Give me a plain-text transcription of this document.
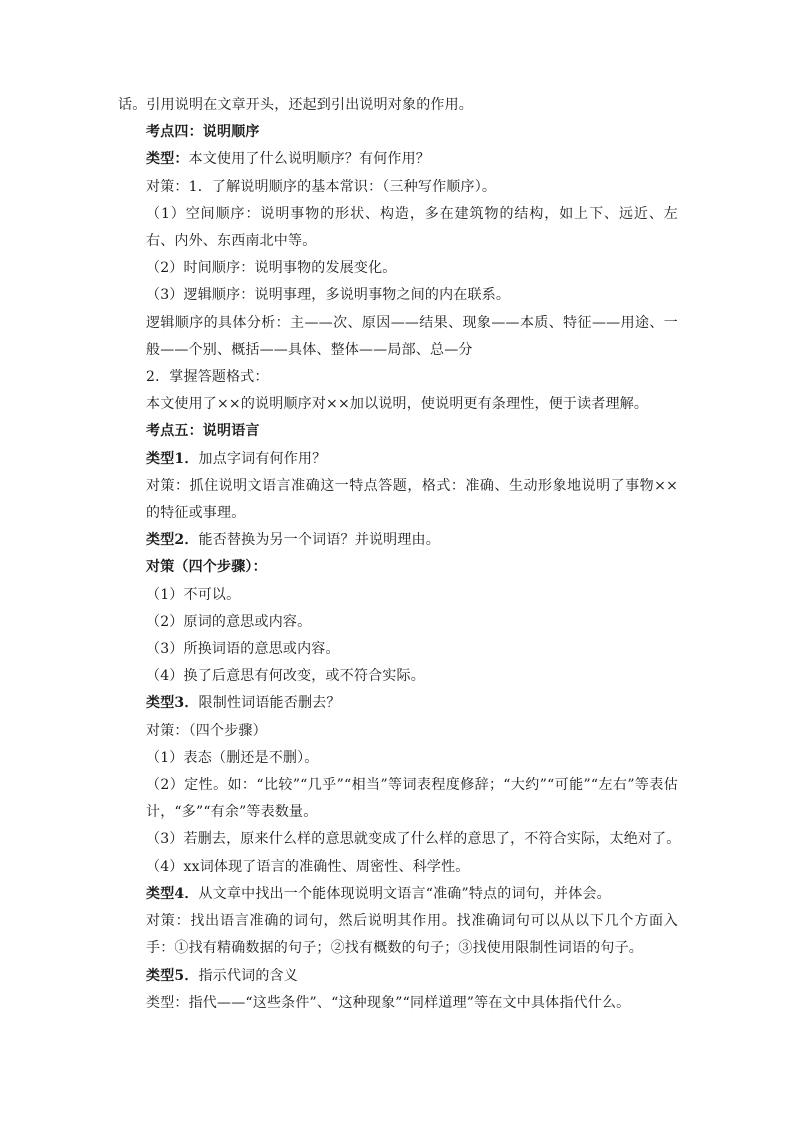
话。引用说明在文章开头，还起到引出说明对象的作用。
考点四：说明顺序
类型：本文使用了什么说明顺序？有何作用？
对策：1．了解说明顺序的基本常识：（三种写作顺序）。
（1）空间顺序：说明事物的形状、构造，多在建筑物的结构，如上下、远近、左右、内外、东西南北中等。
（2）时间顺序：说明事物的发展变化。
（3）逻辑顺序：说明事理，多说明事物之间的内在联系。
逻辑顺序的具体分析：主——次、原因——结果、现象——本质、特征——用途、一般——个别、概括——具体、整体——局部、总—分
2．掌握答题格式：
本文使用了××的说明顺序对××加以说明，使说明更有条理性，便于读者理解。
考点五：说明语言
类型1．加点字词有何作用？
对策：抓住说明文语言准确这一特点答题，格式：准确、生动形象地说明了事物××的特征或事理。
类型2．能否替换为另一个词语？并说明理由。
对策（四个步骤）：
（1）不可以。
（2）原词的意思或内容。
（3）所换词语的意思或内容。
（4）换了后意思有何改变，或不符合实际。
类型3．限制性词语能否删去？
对策：（四个步骤）
（1）表态（删还是不删）。
（2）定性。如：“比较”“几乎”“相当”等词表程度修辞；“大约”“可能”“左右”等表估计，“多”“有余”等表数量。
（3）若删去，原来什么样的意思就变成了什么样的意思了，不符合实际，太绝对了。
（4）xx词体现了语言的准确性、周密性、科学性。
类型4．从文章中找出一个能体现说明文语言“准确”特点的词句，并体会。
对策：找出语言准确的词句，然后说明其作用。找准确词句可以从以下几个方面入手：①找有精确数据的句子；②找有概数的句子；③找使用限制性词语的句子。
类型5．指示代词的含义
类型：指代——“这些条件”、“这种现象”“同样道理”等在文中具体指代什么。
